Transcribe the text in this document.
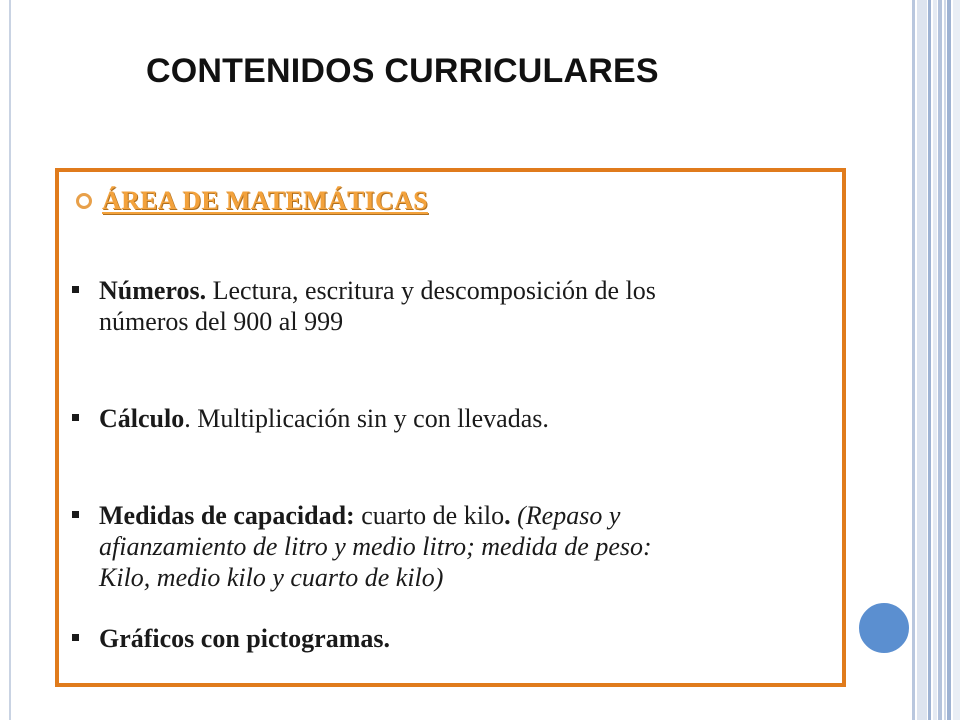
CONTENIDOS CURRICULARES
ÁREA DE MATEMÁTICAS
Números. Lectura, escritura y descomposición de los
números del 900 al 999
Cálculo. Multiplicación sin y con llevadas.
Medidas de capacidad: cuarto de kilo. (Repaso y
afianzamiento de litro y medio litro; medida de peso:
Kilo, medio kilo y cuarto de kilo)
Gráficos con pictogramas.
